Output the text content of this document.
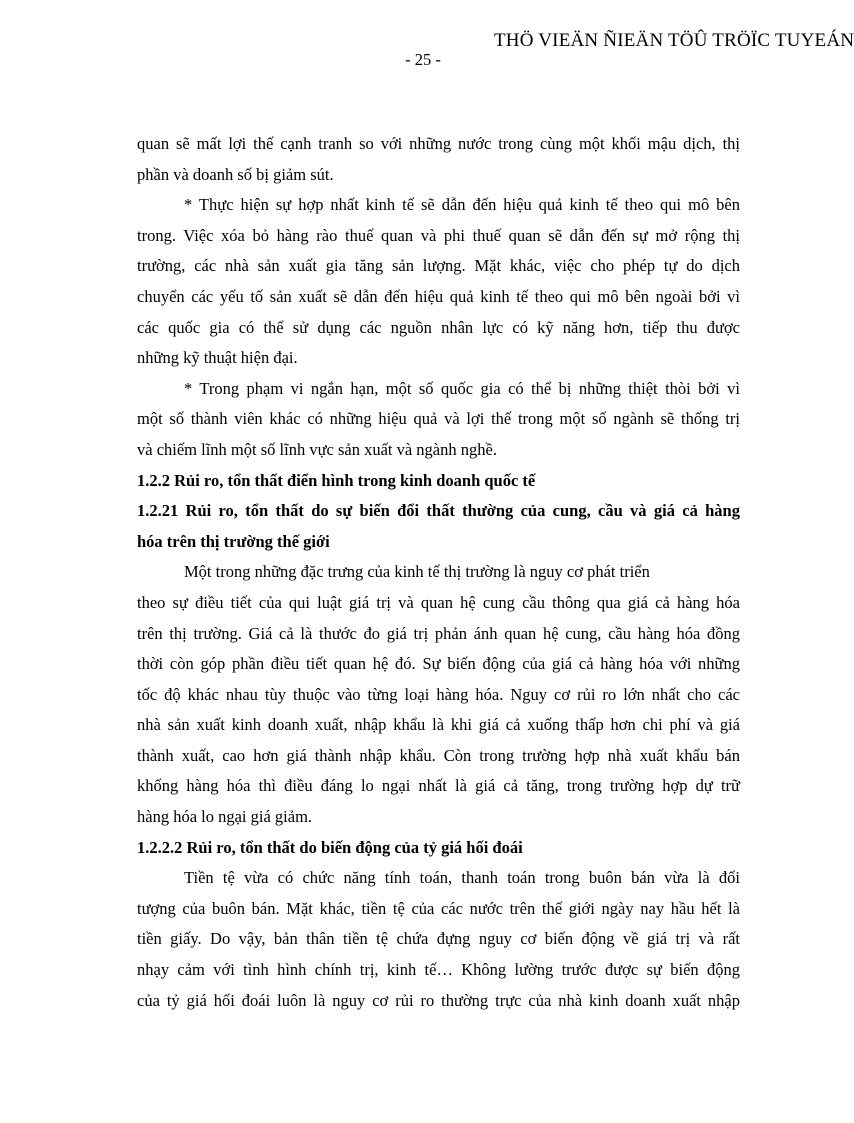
THÖ VIEÄN ÑIEÄN TÖÛ TRÖÏC TUYEÁN
- 25 -

quan sẽ mất lợi thế cạnh tranh so với những nước trong cùng một khối mậu dịch, thị
phần và doanh số bị giảm sút.

* Thực hiện sự hợp nhất kinh tế sẽ dẫn đến hiệu quả kinh tế theo qui mô bên
trong. Việc xóa bỏ hàng rào thuế quan và phi thuế quan sẽ dẫn đến sự mở rộng thị
trường, các nhà sản xuất gia tăng sản lượng. Mặt khác, việc cho phép tự do dịch
chuyển các yếu tố sản xuất sẽ dẫn đến hiệu quả kinh tế theo qui mô bên ngoài bởi vì
các quốc gia có thể sử dụng các nguồn nhân lực có kỹ năng hơn, tiếp thu được
những kỹ thuật hiện đại.

* Trong phạm vi ngắn hạn, một số quốc gia có thể bị những thiệt thòi bởi vì
một số thành viên khác có những hiệu quả và lợi thế trong một số ngành sẽ thống trị
và chiếm lĩnh một số lĩnh vực sản xuất và ngành nghề.

1.2.2 Rủi ro, tổn thất điển hình trong kinh doanh quốc tế

1.2.21 Rủi ro, tổn thất do sự biến đổi thất thường của cung, cầu và giá cả hàng
hóa trên thị trường thế giới

Một trong những đặc trưng của kinh tế thị trường là nguy cơ phát triển
theo sự điều tiết của qui luật giá trị và quan hệ cung cầu thông qua giá cả hàng hóa
trên thị trường. Giá cả là thước đo giá trị phản ánh quan hệ cung, cầu hàng hóa đồng
thời còn góp phần điều tiết quan hệ đó. Sự biến động của giá cả hàng hóa với những
tốc độ khác nhau tùy thuộc vào từng loại hàng hóa. Nguy cơ rủi ro lớn nhất cho các
nhà sản xuất kinh doanh xuất, nhập khẩu là khi giá cả xuống thấp hơn chi phí và giá
thành xuất, cao hơn giá thành nhập khẩu. Còn trong trường hợp nhà xuất khẩu bán
khống hàng hóa thì điều đáng lo ngại nhất là giá cả tăng, trong trường hợp dự trữ
hàng hóa lo ngại giá giảm.

1.2.2.2 Rủi ro, tổn thất do biến động của tỷ giá hối đoái

Tiền tệ vừa có chức năng tính toán, thanh toán trong buôn bán vừa là đối
tượng của buôn bán. Mặt khác, tiền tệ của các nước trên thế giới ngày nay hầu hết là
tiền giấy. Do vậy, bản thân tiền tệ chứa đựng nguy cơ biến động về giá trị và rất
nhạy cảm với tình hình chính trị, kinh tế… Không lường trước được sự biến động
của tỷ giá hối đoái luôn là nguy cơ rủi ro thường trực của nhà kinh doanh xuất nhập
